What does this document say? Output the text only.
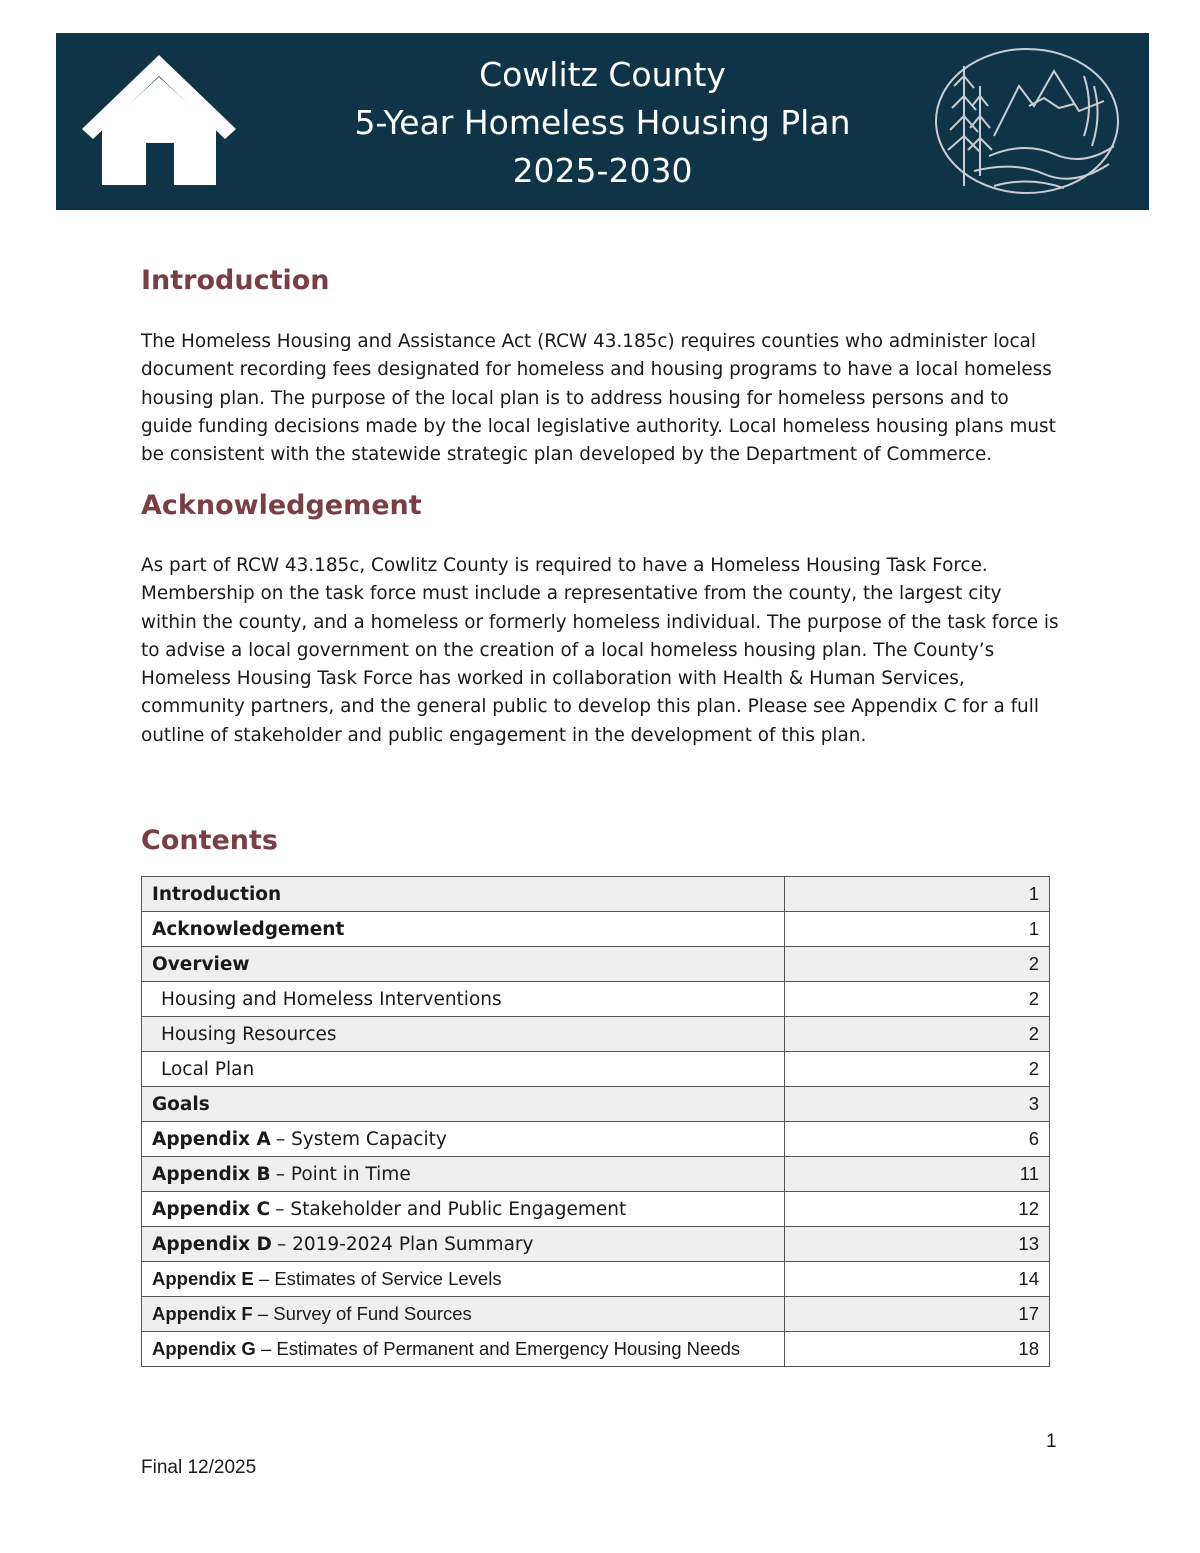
Cowlitz County
5-Year Homeless Housing Plan
2025-2030
Introduction

The Homeless Housing and Assistance Act (RCW 43.185c) requires counties who administer local document recording fees designated for homeless and housing programs to have a local homeless housing plan. The purpose of the local plan is to address housing for homeless persons and to guide funding decisions made by the local legislative authority. Local homeless housing plans must be consistent with the statewide strategic plan developed by the Department of Commerce.

Acknowledgement

As part of RCW 43.185c, Cowlitz County is required to have a Homeless Housing Task Force. Membership on the task force must include a representative from the county, the largest city within the county, and a homeless or formerly homeless individual. The purpose of the task force is to advise a local government on the creation of a local homeless housing plan. The County’s Homeless Housing Task Force has worked in collaboration with Health & Human Services, community partners, and the general public to develop this plan. Please see Appendix C for a full outline of stakeholder and public engagement in the development of this plan.

Contents
Introduction	1
Acknowledgement	1
Overview	2
Housing and Homeless Interventions	2
Housing Resources	2
Local Plan	2
Goals	3
Appendix A – System Capacity	6
Appendix B – Point in Time	11
Appendix C – Stakeholder and Public Engagement	12
Appendix D – 2019-2024 Plan Summary	13
Appendix E – Estimates of Service Levels	14
Appendix F – Survey of Fund Sources	17
Appendix G – Estimates of Permanent and Emergency Housing Needs	18
1
Final 12/2025
